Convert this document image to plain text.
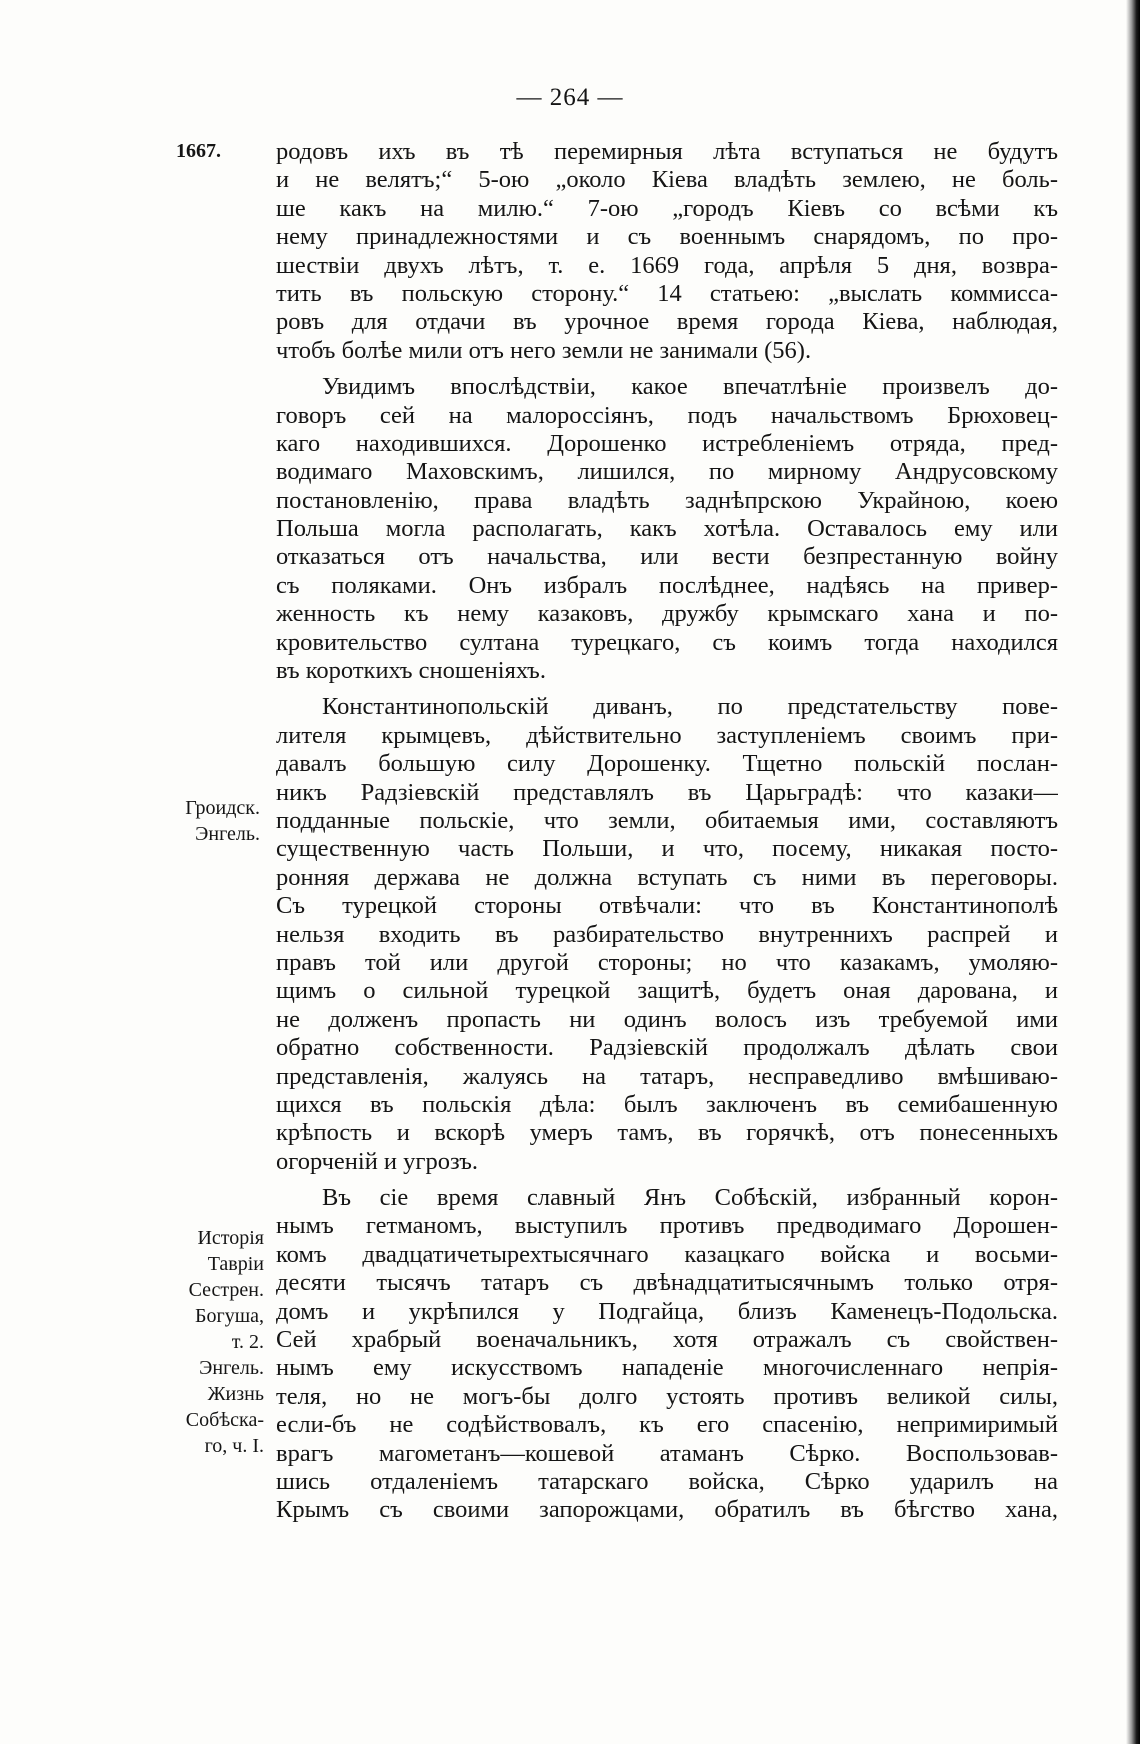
— 264 —
1667.
Гроидск.
Энгель.
Исторія
Тавріи
Сестрен.
Богуша,
т. 2.
Энгель.
Жизнь
Собѣска-
го, ч. I.
родовъ ихъ въ тѣ перемирныя лѣта вступаться не будутъ
и не велятъ;“ 5-ою „около Кіева владѣть землею, не боль-
ше какъ на милю.“ 7-ою „городъ Кіевъ со всѣми къ
нему принадлежностями и съ военнымъ снарядомъ, по про-
шествіи двухъ лѣтъ, т. е. 1669 года, апрѣля 5 дня, возвра-
тить въ польскую сторону.“ 14 статьею: „выслать коммисса-
ровъ для отдачи въ урочное время города Кіева, наблюдая,
чтобъ болѣе мили отъ него земли не занимали (56).
Увидимъ впослѣдствіи, какое впечатлѣніе произвелъ до-
говоръ сей на малороссіянъ, подъ начальствомъ Брюховец-
каго находившихся. Дорошенко истребленіемъ отряда, пред-
водимаго Маховскимъ, лишился, по мирному Андрусовскому
постановленію, права владѣть заднѣпрскою Украйною, коею
Польша могла располагать, какъ хотѣла. Оставалось ему или
отказаться отъ начальства, или вести безпрестанную войну
съ поляками. Онъ избралъ послѣднее, надѣясь на привер-
женность къ нему казаковъ, дружбу крымскаго хана и по-
кровительство султана турецкаго, съ коимъ тогда находился
въ короткихъ сношеніяхъ.
Константинопольскій диванъ, по предстательству пове-
лителя крымцевъ, дѣйствительно заступленіемъ своимъ при-
давалъ большую силу Дорошенку. Тщетно польскій послан-
никъ Радзіевскій представлялъ въ Царьградѣ: что казаки—
подданные польскіе, что земли, обитаемыя ими, составляютъ
существенную часть Польши, и что, посему, никакая посто-
ронняя держава не должна вступать съ ними въ переговоры.
Съ турецкой стороны отвѣчали: что въ Константинополѣ
нельзя входить въ разбирательство внутреннихъ распрей и
правъ той или другой стороны; но что казакамъ, умоляю-
щимъ о сильной турецкой защитѣ, будетъ оная дарована, и
не долженъ пропасть ни одинъ волосъ изъ требуемой ими
обратно собственности. Радзіевскій продолжалъ дѣлать свои
представленія, жалуясь на татаръ, несправедливо вмѣшиваю-
щихся въ польскія дѣла: былъ заключенъ въ семибашенную
крѣпость и вскорѣ умеръ тамъ, въ горячкѣ, отъ понесенныхъ
огорченій и угрозъ.
Въ сіе время славный Янъ Собѣскій, избранный корон-
нымъ гетманомъ, выступилъ противъ предводимаго Дорошен-
комъ двадцатичетырехтысячнаго казацкаго войска и восьми-
десяти тысячъ татаръ съ двѣнадцатитысячнымъ только отря-
домъ и укрѣпился у Подгайца, близъ Каменецъ-Подольска.
Сей храбрый военачальникъ, хотя отражалъ съ свойствен-
нымъ ему искусствомъ нападеніе многочисленнаго непрія-
теля, но не могъ-бы долго устоять противъ великой силы,
если-бъ не содѣйствовалъ, къ его спасенію, непримиримый
врагъ магометанъ—кошевой атаманъ Сѣрко. Воспользовав-
шись отдаленіемъ татарскаго войска, Сѣрко ударилъ на
Крымъ съ своими запорожцами, обратилъ въ бѣгство хана,
